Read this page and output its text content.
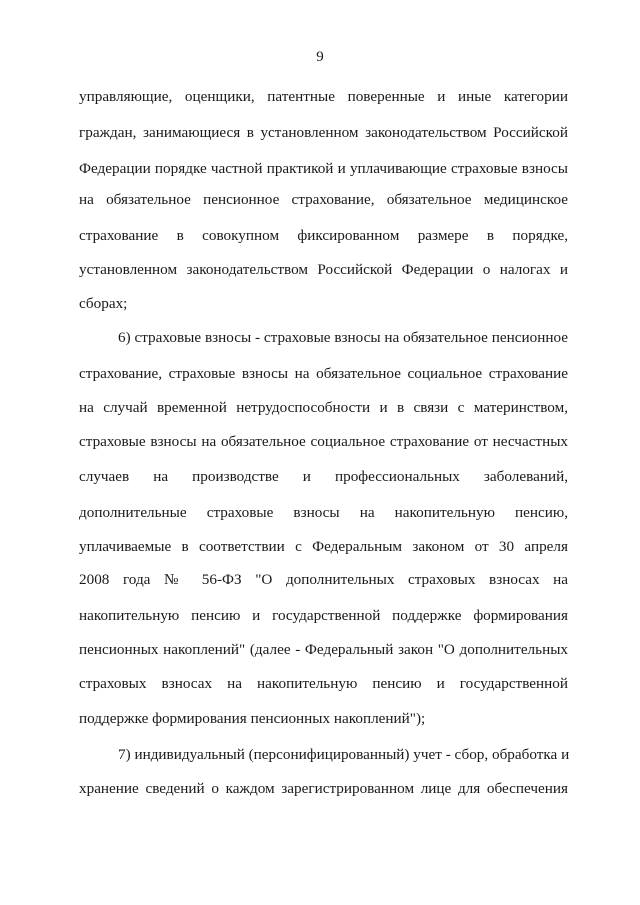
9
управляющие, оценщики, патентные поверенные и иные категории
граждан, занимающиеся в установленном законодательством Российской
Федерации порядке частной практикой и уплачивающие страховые взносы
на обязательное пенсионное страхование, обязательное медицинское
страхование в совокупном фиксированном размере в порядке,
установленном законодательством Российской Федерации о налогах и
сборах;
6) страховые взносы - страховые взносы на обязательное пенсионное
страхование, страховые взносы на обязательное социальное страхование
на случай временной нетрудоспособности и в связи с материнством,
страховые взносы на обязательное социальное страхование от несчастных
случаев на производстве и профессиональных заболеваний,
дополнительные страховые взносы на накопительную пенсию,
уплачиваемые в соответствии с Федеральным законом от 30 апреля
2008 года № 56-ФЗ "О дополнительных страховых взносах на
накопительную пенсию и государственной поддержке формирования
пенсионных накоплений" (далее - Федеральный закон "О дополнительных
страховых взносах на накопительную пенсию и государственной
поддержке формирования пенсионных накоплений");
7) индивидуальный (персонифицированный) учет - сбор, обработка и
хранение сведений о каждом зарегистрированном лице для обеспечения
